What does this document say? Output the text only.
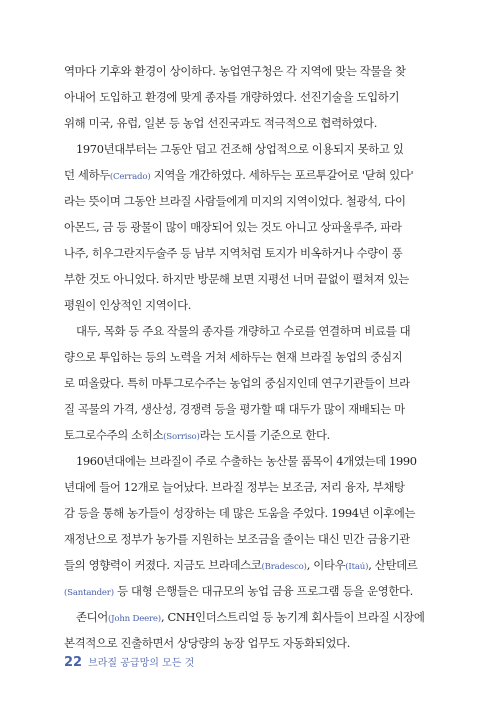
역마다 기후와 환경이 상이하다. 농업연구청은 각 지역에 맞는 작물을 찾
아내어 도입하고 환경에 맞게 종자를 개량하였다. 선진기술을 도입하기
위해 미국, 유럽, 일본 등 농업 선진국과도 적극적으로 협력하였다.
1970년대부터는 그동안 덥고 건조해 상업적으로 이용되지 못하고 있
던 세하두(Cerrado) 지역을 개간하였다. 세하두는 포르투갈어로 '닫혀 있다'
라는 뜻이며 그동안 브라질 사람들에게 미지의 지역이었다. 철광석, 다이
아몬드, 금 등 광물이 많이 매장되어 있는 것도 아니고 상파울루주, 파라
나주, 히우그란지두술주 등 남부 지역처럼 토지가 비옥하거나 수량이 풍
부한 것도 아니었다. 하지만 방문해 보면 지평선 너머 끝없이 펼쳐져 있는
평원이 인상적인 지역이다.
대두, 목화 등 주요 작물의 종자를 개량하고 수로를 연결하며 비료를 대
량으로 투입하는 등의 노력을 거쳐 세하두는 현재 브라질 농업의 중심지
로 떠올랐다. 특히 마투그로수주는 농업의 중심지인데 연구기관들이 브라
질 곡물의 가격, 생산성, 경쟁력 등을 평가할 때 대두가 많이 재배되는 마
토그로수주의 소히소(Sorriso)라는 도시를 기준으로 한다.
1960년대에는 브라질이 주로 수출하는 농산물 품목이 4개였는데 1990
년대에 들어 12개로 늘어났다. 브라질 정부는 보조금, 저리 융자, 부채탕
감 등을 통해 농가들이 성장하는 데 많은 도움을 주었다. 1994년 이후에는
재정난으로 정부가 농가를 지원하는 보조금을 줄이는 대신 민간 금융기관
들의 영향력이 커졌다. 지금도 브라데스코(Bradesco), 이타우(Itaú), 산탄데르
(Santander) 등 대형 은행들은 대규모의 농업 금융 프로그램 등을 운영한다.
존디어(John Deere), CNH인더스트리얼 등 농기계 회사들이 브라질 시장에
본격적으로 진출하면서 상당량의 농장 업무도 자동화되었다.
22 브라질 공급망의 모든 것
